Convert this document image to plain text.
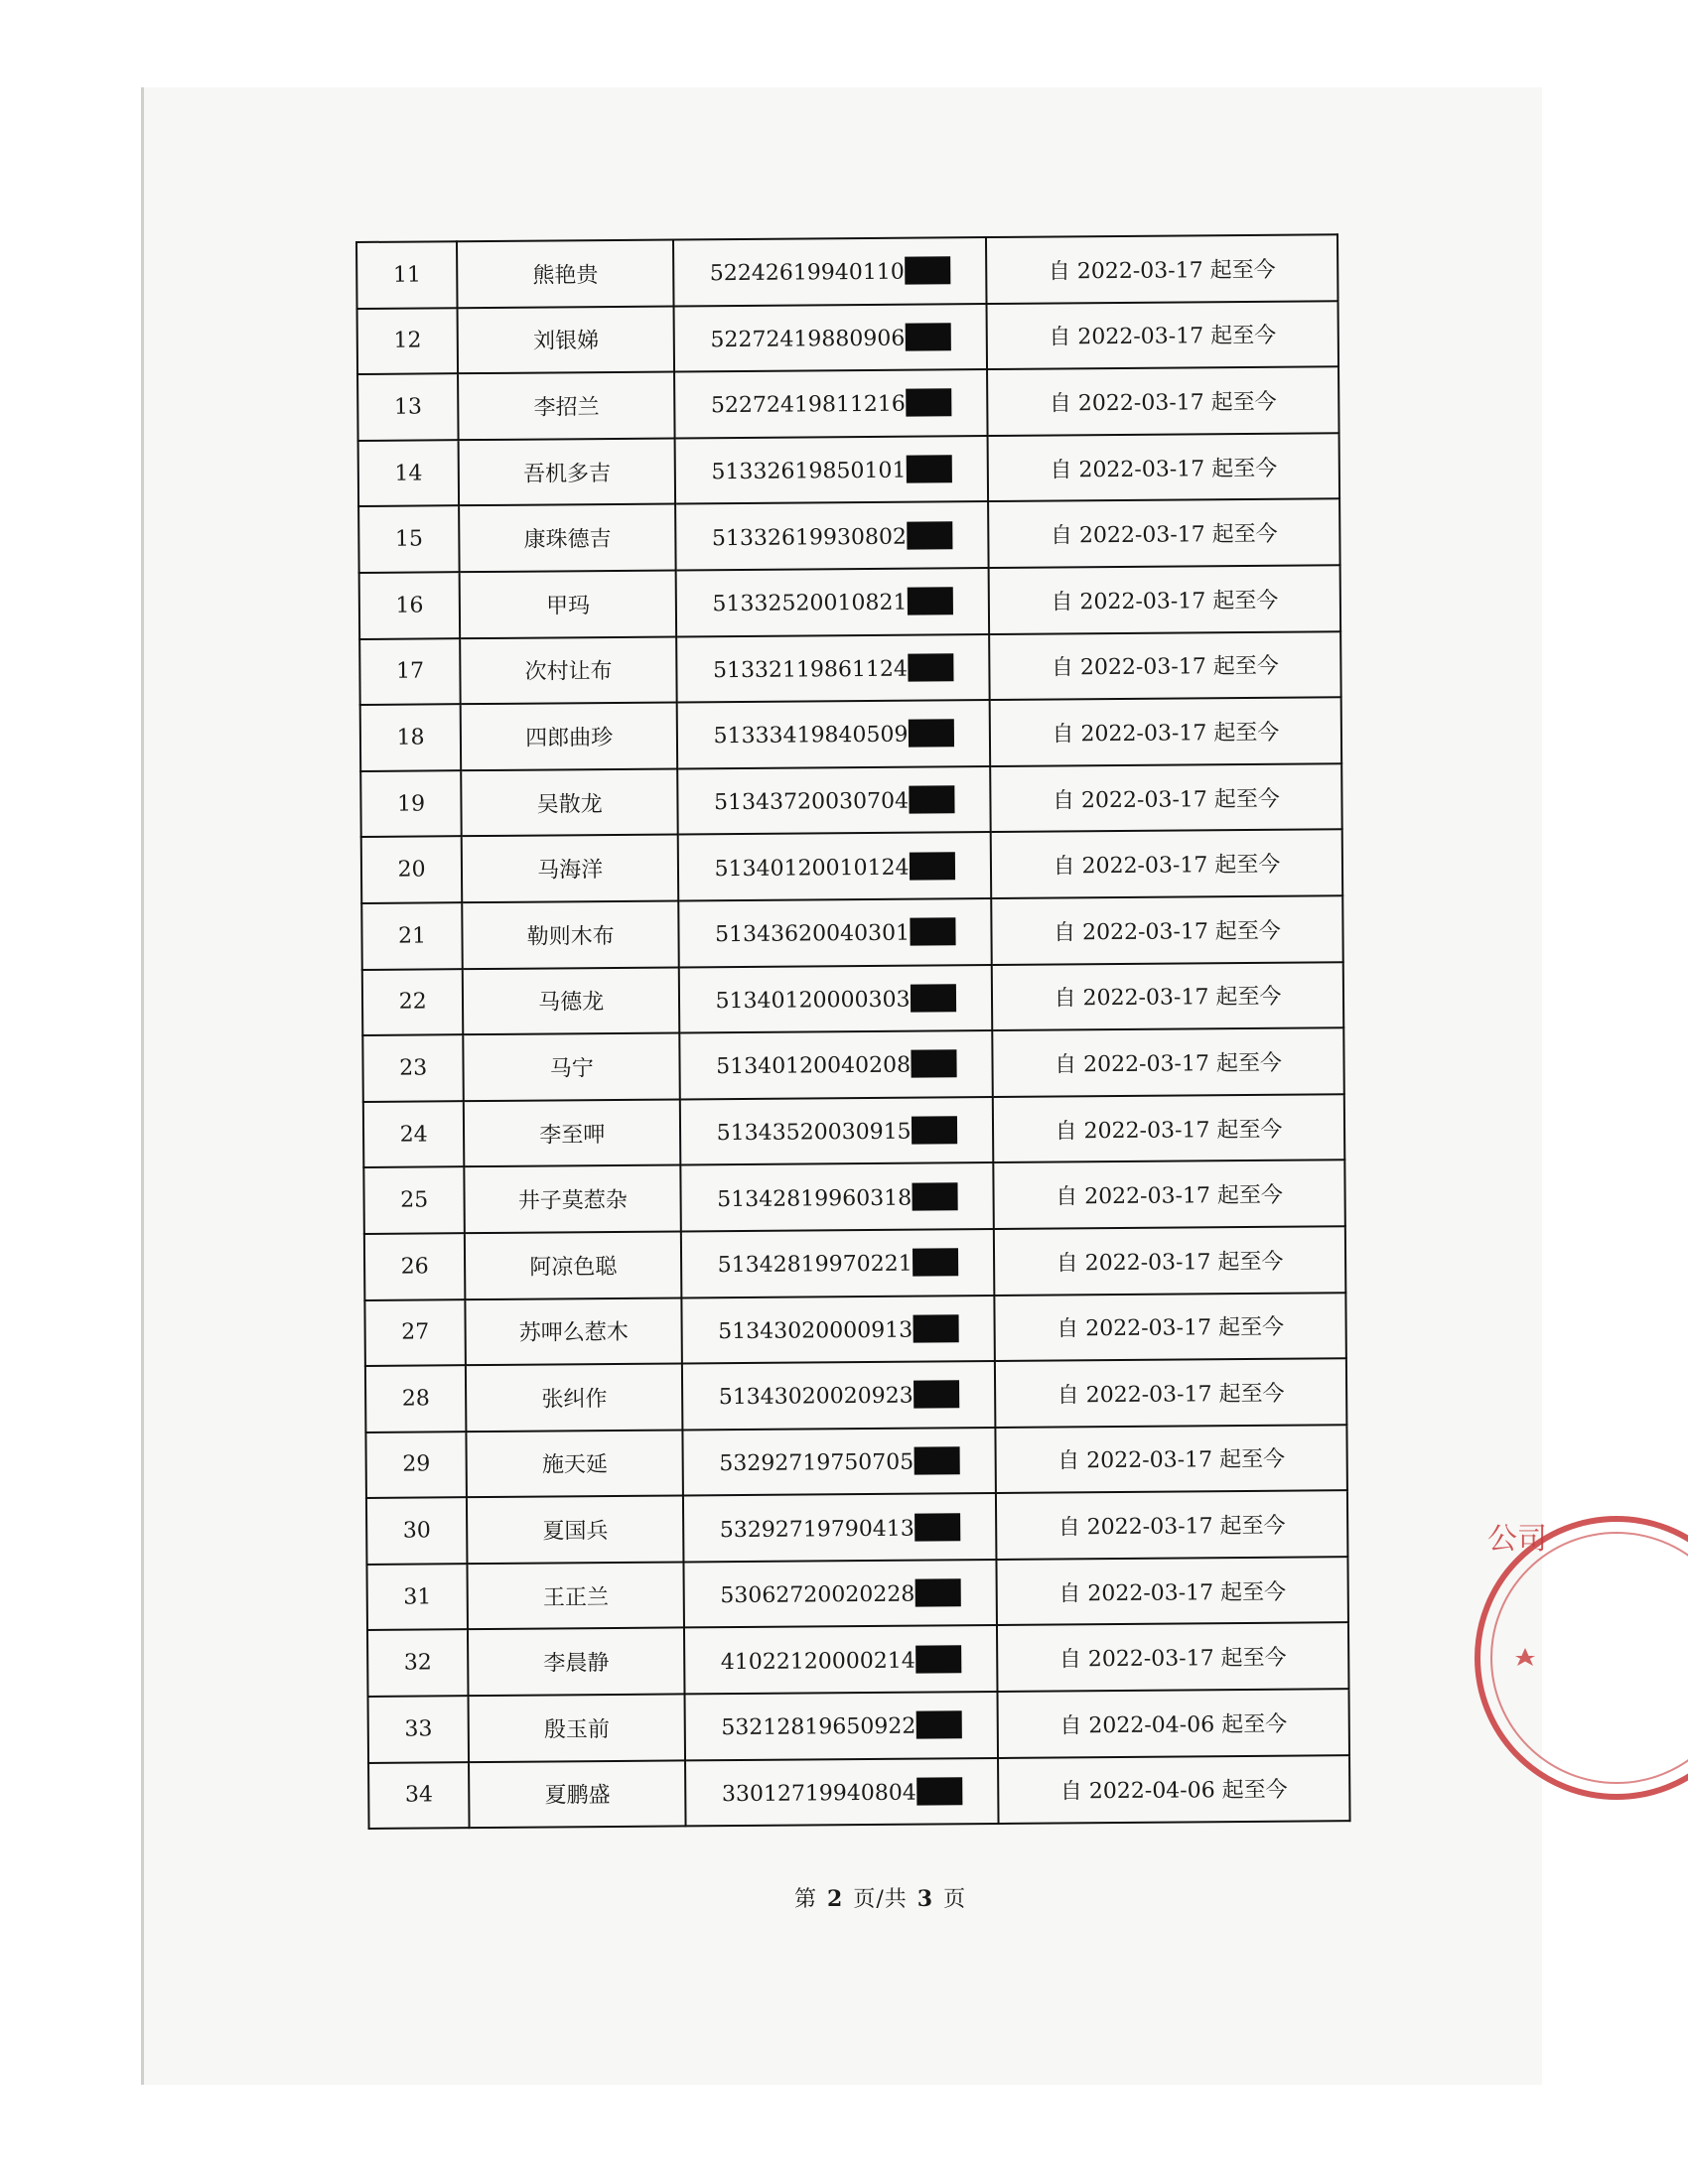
11	熊艳贵	52242619940110	自 2022-03-17 起至今
12	刘银娣	52272419880906	自 2022-03-17 起至今
13	李招兰	52272419811216	自 2022-03-17 起至今
14	吾机多吉	51332619850101	自 2022-03-17 起至今
15	康珠德吉	51332619930802	自 2022-03-17 起至今
16	甲玛	51332520010821	自 2022-03-17 起至今
17	次村让布	51332119861124	自 2022-03-17 起至今
18	四郎曲珍	51333419840509	自 2022-03-17 起至今
19	吴散龙	51343720030704	自 2022-03-17 起至今
20	马海洋	51340120010124	自 2022-03-17 起至今
21	勒则木布	51343620040301	自 2022-03-17 起至今
22	马德龙	51340120000303	自 2022-03-17 起至今
23	马宁	51340120040208	自 2022-03-17 起至今
24	李至呷	51343520030915	自 2022-03-17 起至今
25	井子莫惹杂	51342819960318	自 2022-03-17 起至今
26	阿凉色聪	51342819970221	自 2022-03-17 起至今
27	苏呷么惹木	51343020000913	自 2022-03-17 起至今
28	张纠作	51343020020923	自 2022-03-17 起至今
29	施天延	53292719750705	自 2022-03-17 起至今
30	夏国兵	53292719790413	自 2022-03-17 起至今
31	王正兰	53062720020228	自 2022-03-17 起至今
32	李晨静	41022120000214	自 2022-03-17 起至今
33	殷玉前	53212819650922	自 2022-04-06 起至今
34	夏鹏盛	33012719940804	自 2022-04-06 起至今
第 2 页/共 3 页
公司
